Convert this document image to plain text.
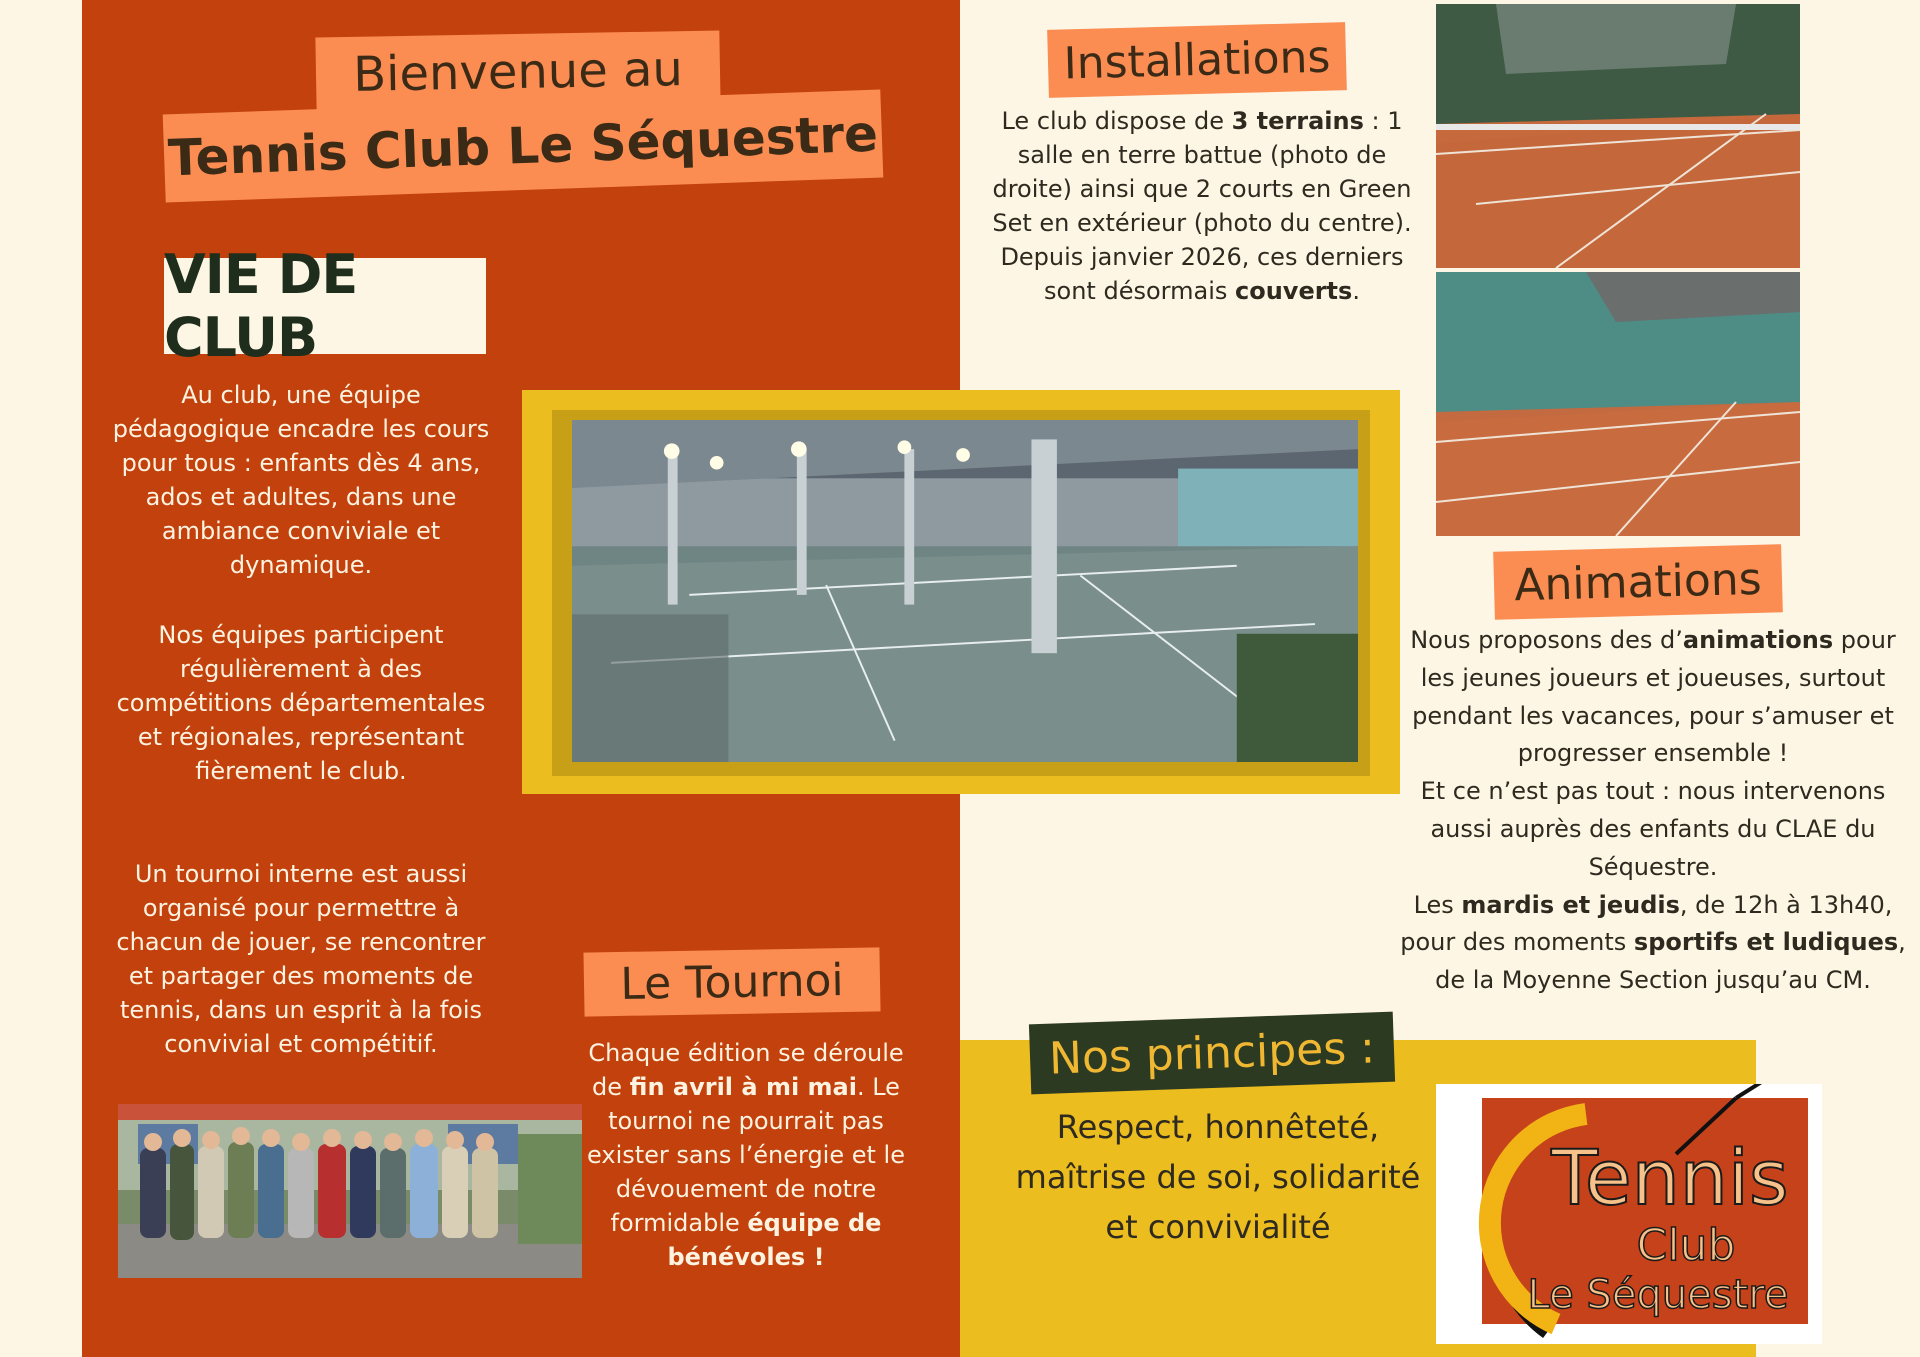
Bienvenue au
Tennis Club Le Séquestre
VIE DE CLUB

Au club, une équipe pédagogique encadre les cours pour tous : enfants dès 4 ans, ados et adultes, dans une ambiance conviviale et dynamique.

Nos équipes participent régulièrement à des compétitions départementales et régionales, représentant fièrement le club.

Un tournoi interne est aussi organisé pour permettre à chacun de jouer, se rencontrer et partager des moments de tennis, dans un esprit à la fois convivial et compétitif.

Le Tournoi

Chaque édition se déroule de fin avril à mi mai. Le tournoi ne pourrait pas exister sans l’énergie et le dévouement de notre formidable équipe de bénévoles !

Installations

Le club dispose de 3 terrains : 1 salle en terre battue (photo de droite) ainsi que 2 courts en Green Set en extérieur (photo du centre). Depuis janvier 2026, ces derniers sont désormais couverts.

Animations

Nous proposons des d’animations pour les jeunes joueurs et joueuses, surtout pendant les vacances, pour s’amuser et progresser ensemble !
Et ce n’est pas tout : nous intervenons aussi auprès des enfants du CLAE du Séquestre.
Les mardis et jeudis, de 12h à 13h40, pour des moments sportifs et ludiques, de la Moyenne Section jusqu’au CM.

Nos principes :

Respect, honnêteté, maîtrise de soi, solidarité et convivialité

Tennis
Club
Le Séquestre
